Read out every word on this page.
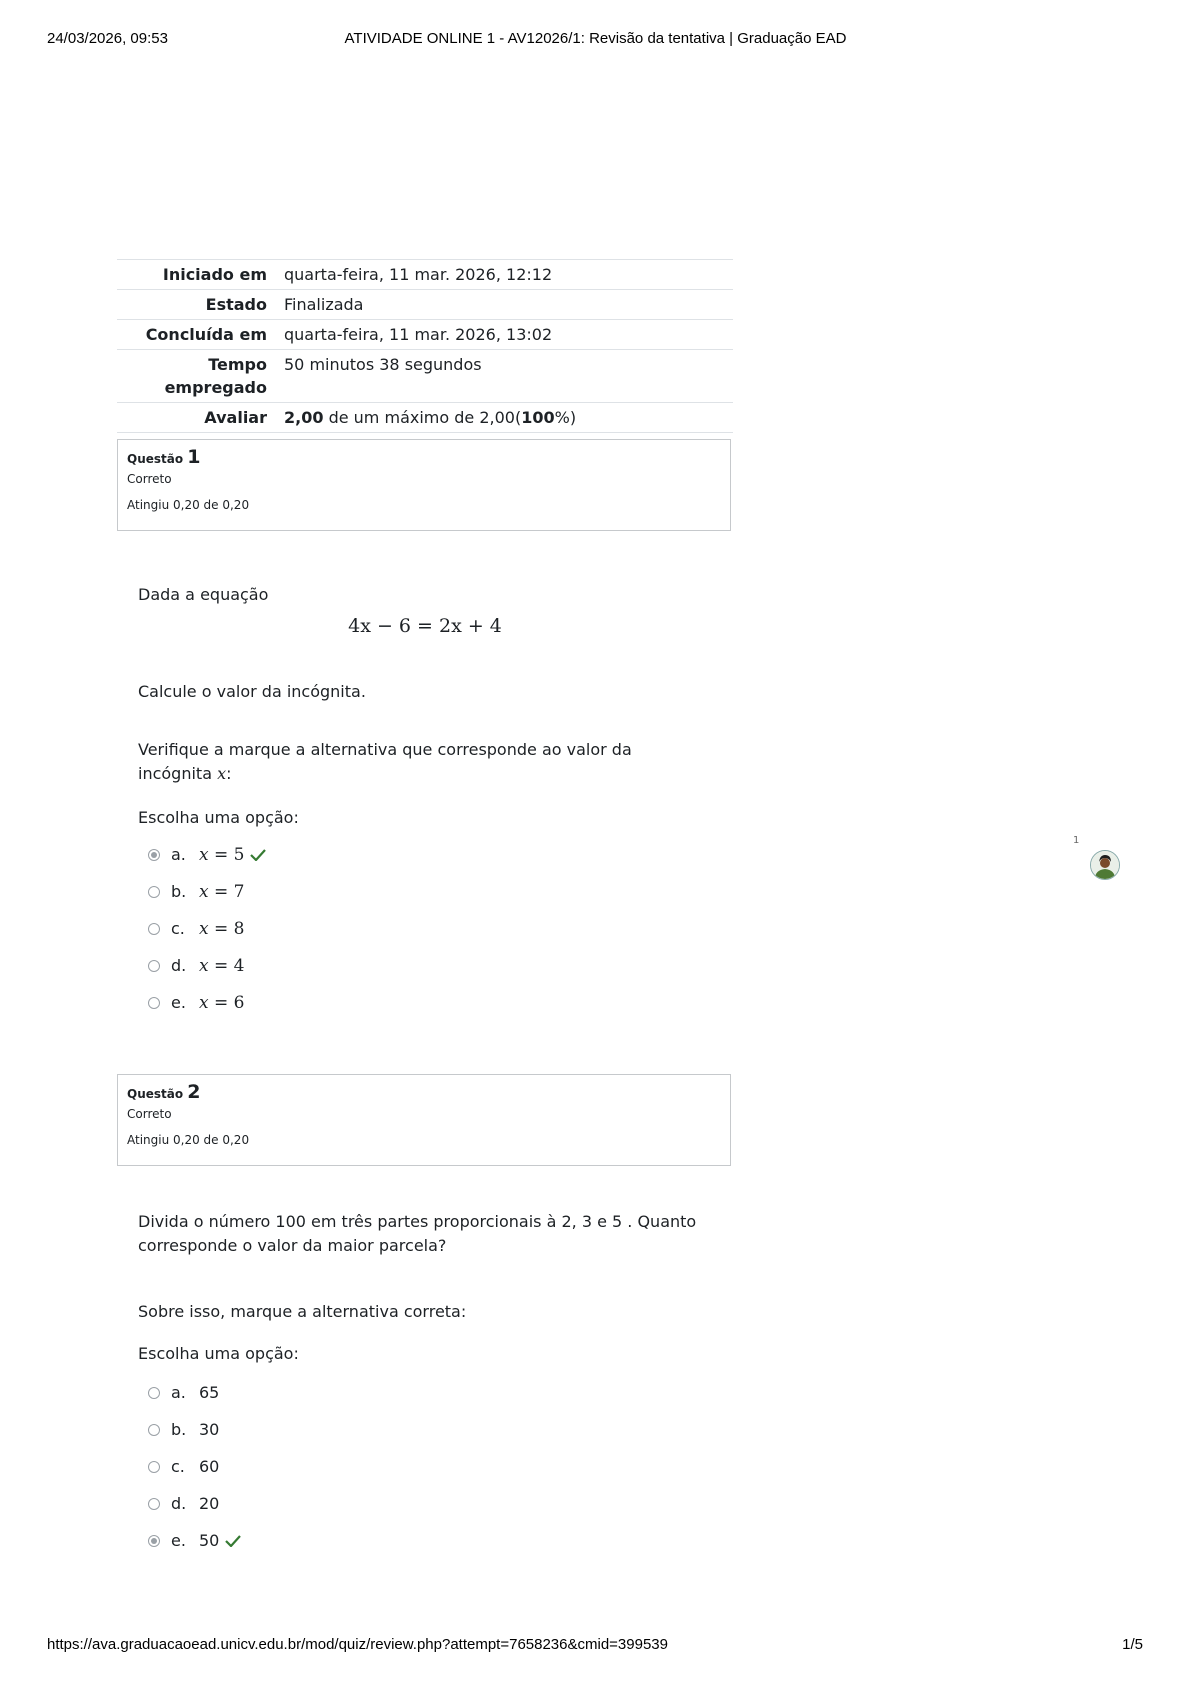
24/03/2026, 09:53	ATIVIDADE ONLINE 1 - AV12026/1: Revisão da tentativa | Graduação EAD
Iniciado em	quarta-feira, 11 mar. 2026, 12:12
Estado	Finalizada
Concluída em	quarta-feira, 11 mar. 2026, 13:02
Tempo
empregado	50 minutos 38 segundos
Avaliar	2,00 de um máximo de 2,00(100%)
Questão 1
Correto
Atingiu 0,20 de 0,20
Dada a equação
4x − 6 = 2x + 4
Calcule o valor da incógnita.
Verifique a marque a alternativa que corresponde ao valor da incógnita x:
Escolha uma opção:
a. x = 5
b. x = 7
c. x = 8
d. x = 4
e. x = 6
1
Questão 2
Correto
Atingiu 0,20 de 0,20
Divida o número 100 em três partes proporcionais à 2, 3 e 5 . Quanto corresponde o valor da maior parcela?
Sobre isso, marque a alternativa correta:
Escolha uma opção:
a. 65
b. 30
c. 60
d. 20
e. 50
https://ava.graduacaoead.unicv.edu.br/mod/quiz/review.php?attempt=7658236&cmid=399539	1/5
